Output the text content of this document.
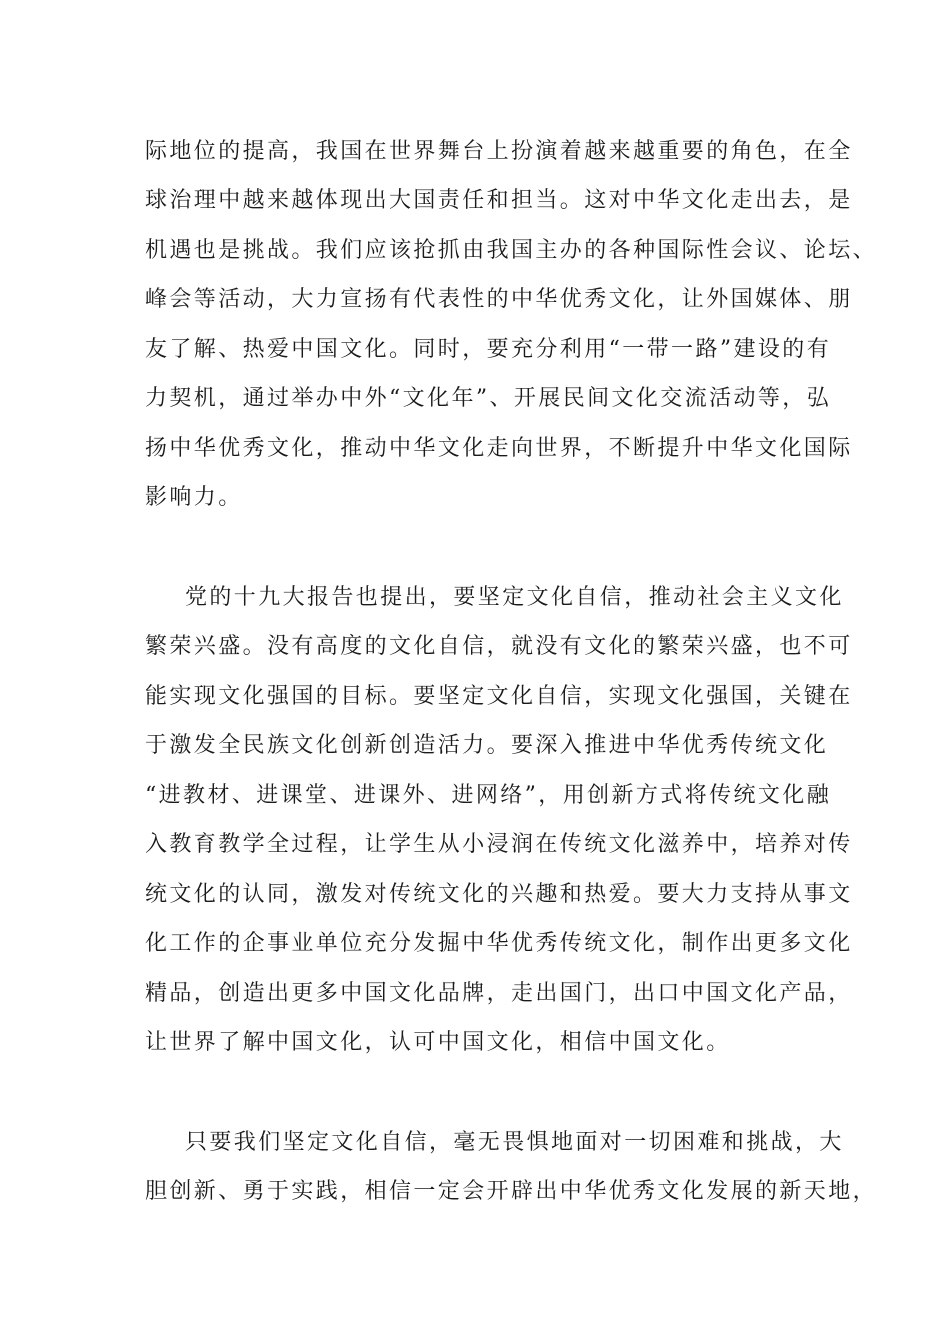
际地位的提高，我国在世界舞台上扮演着越来越重要的角色，在全
球治理中越来越体现出大国责任和担当。这对中华文化走出去，是
机遇也是挑战。我们应该抢抓由我国主办的各种国际性会议、论坛、
峰会等活动，大力宣扬有代表性的中华优秀文化，让外国媒体、朋
友了解、热爱中国文化。同时，要充分利用“一带一路”建设的有
力契机，通过举办中外“文化年”、开展民间文化交流活动等，弘
扬中华优秀文化，推动中华文化走向世界，不断提升中华文化国际
影响力。
党的十九大报告也提出，要坚定文化自信，推动社会主义文化
繁荣兴盛。没有高度的文化自信，就没有文化的繁荣兴盛，也不可
能实现文化强国的目标。要坚定文化自信，实现文化强国，关键在
于激发全民族文化创新创造活力。要深入推进中华优秀传统文化
“进教材、进课堂、进课外、进网络”，用创新方式将传统文化融
入教育教学全过程，让学生从小浸润在传统文化滋养中，培养对传
统文化的认同，激发对传统文化的兴趣和热爱。要大力支持从事文
化工作的企事业单位充分发掘中华优秀传统文化，制作出更多文化
精品，创造出更多中国文化品牌，走出国门，出口中国文化产品，
让世界了解中国文化，认可中国文化，相信中国文化。
只要我们坚定文化自信，毫无畏惧地面对一切困难和挑战，大
胆创新、勇于实践，相信一定会开辟出中华优秀文化发展的新天地，
